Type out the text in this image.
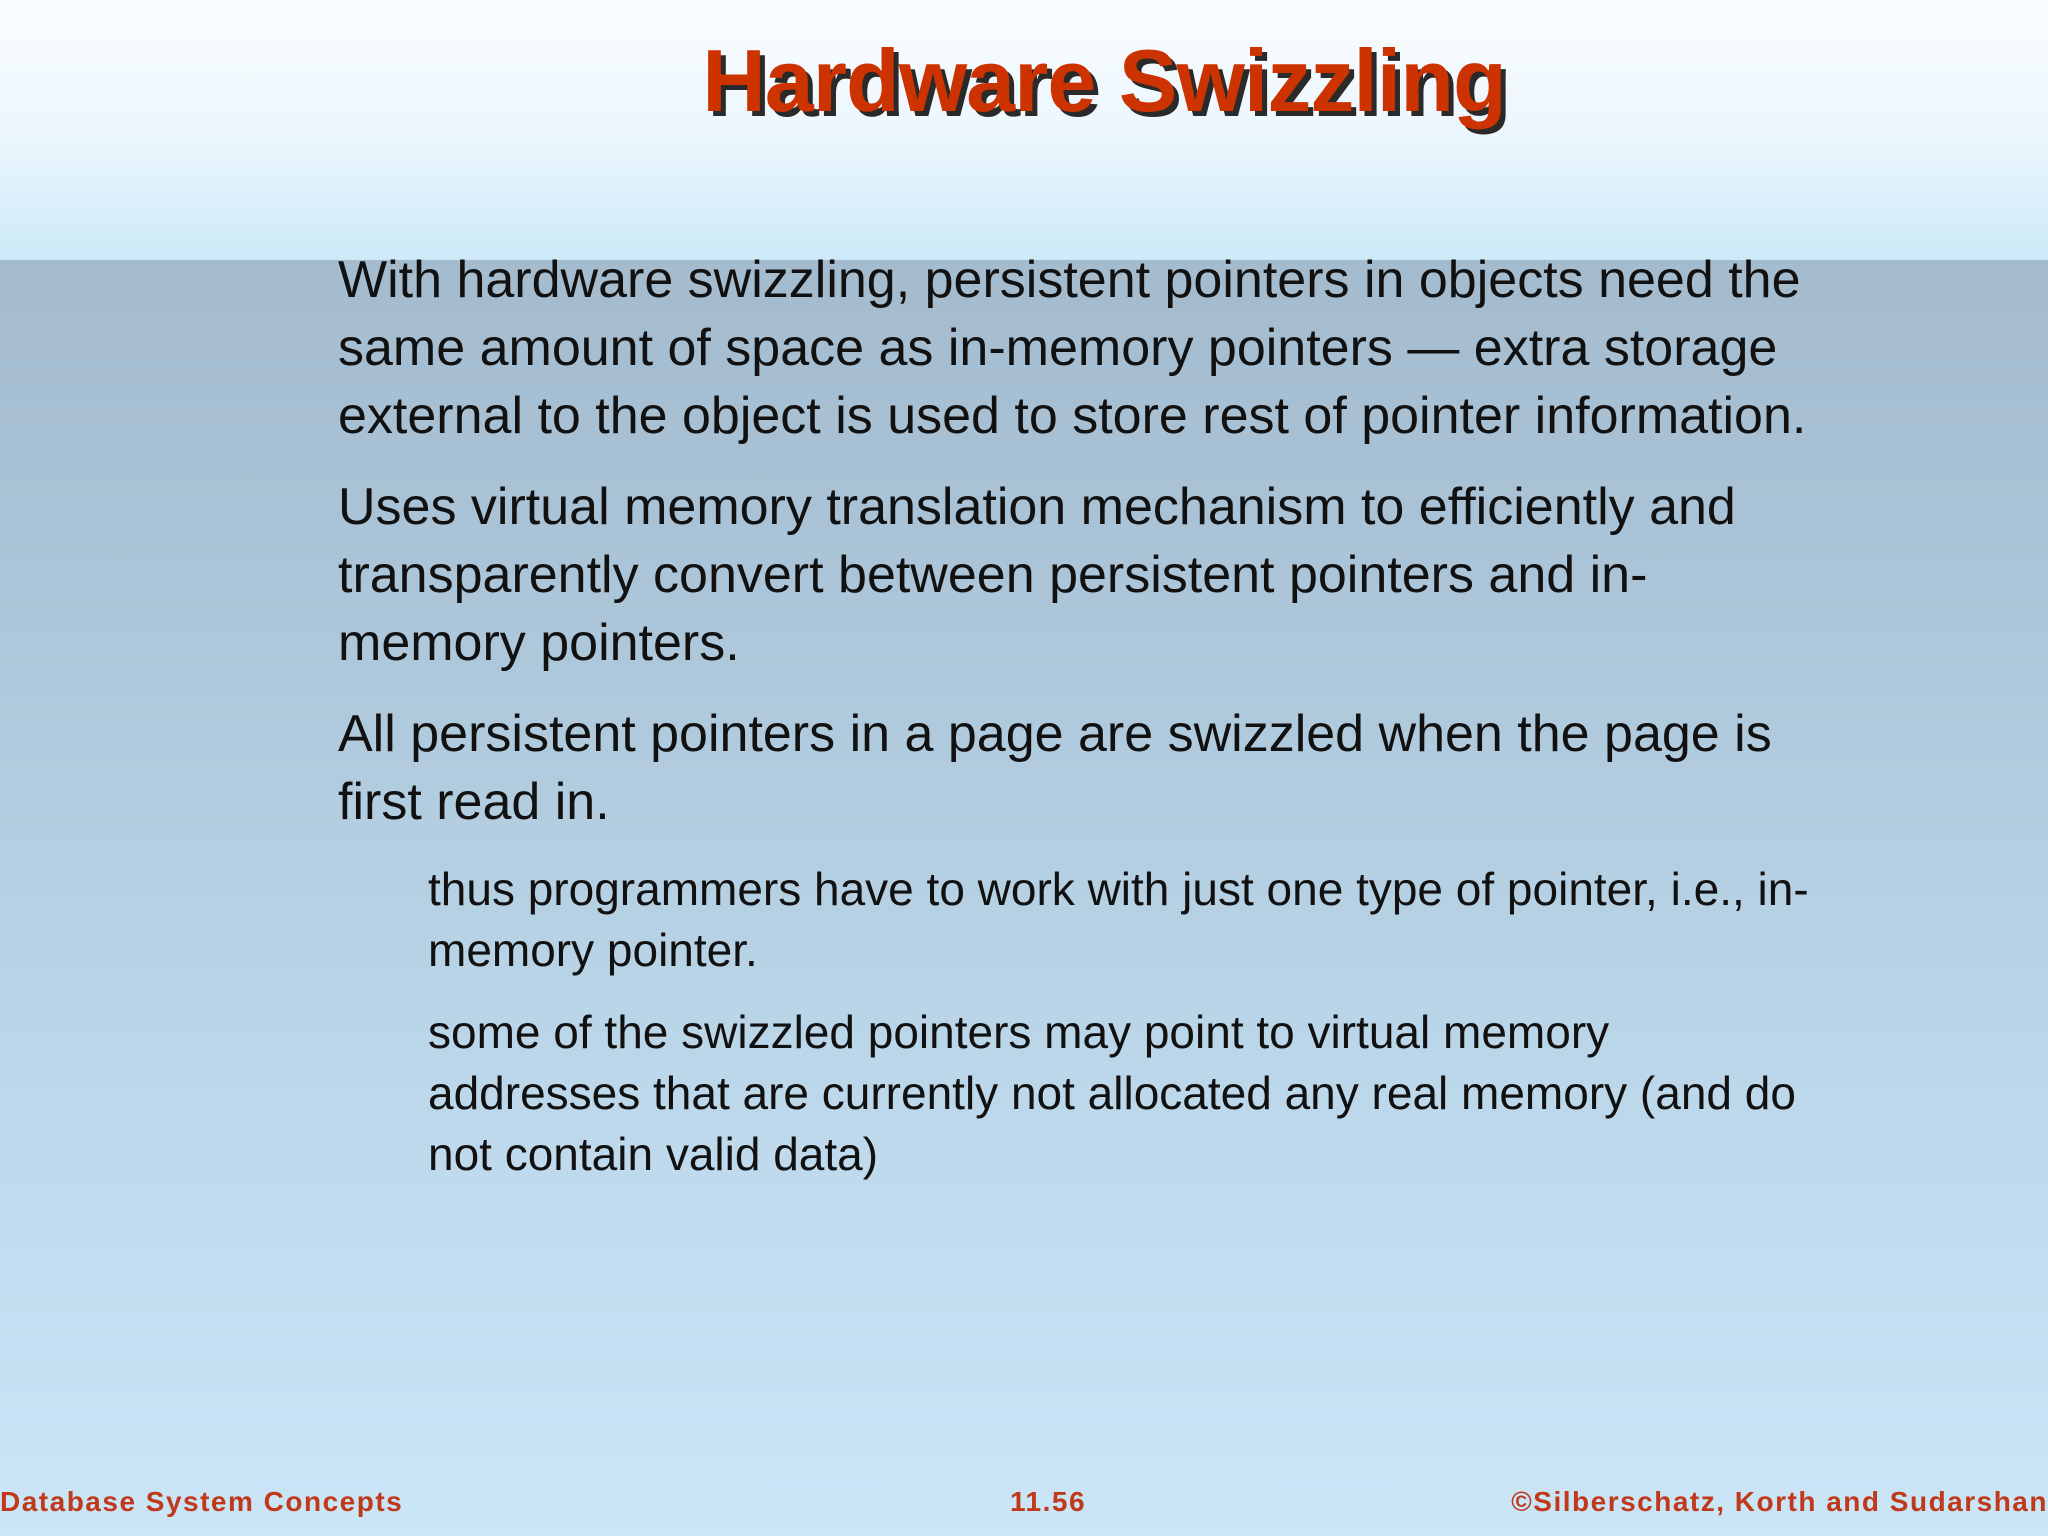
Hardware Swizzling

With hardware swizzling, persistent pointers in objects need the same amount of space as in-memory pointers — extra storage external to the object is used to store rest of pointer information.

Uses virtual memory translation mechanism to efficiently and transparently convert between persistent pointers and in-memory pointers.

All persistent pointers in a page are swizzled when the page is first read in.

thus programmers have to work with just one type of pointer, i.e., in-memory pointer.

some of the swizzled pointers may point to virtual memory addresses that are currently not allocated any real memory (and do not contain valid data)

Database System Concepts	11.56	©Silberschatz, Korth and Sudarshan
